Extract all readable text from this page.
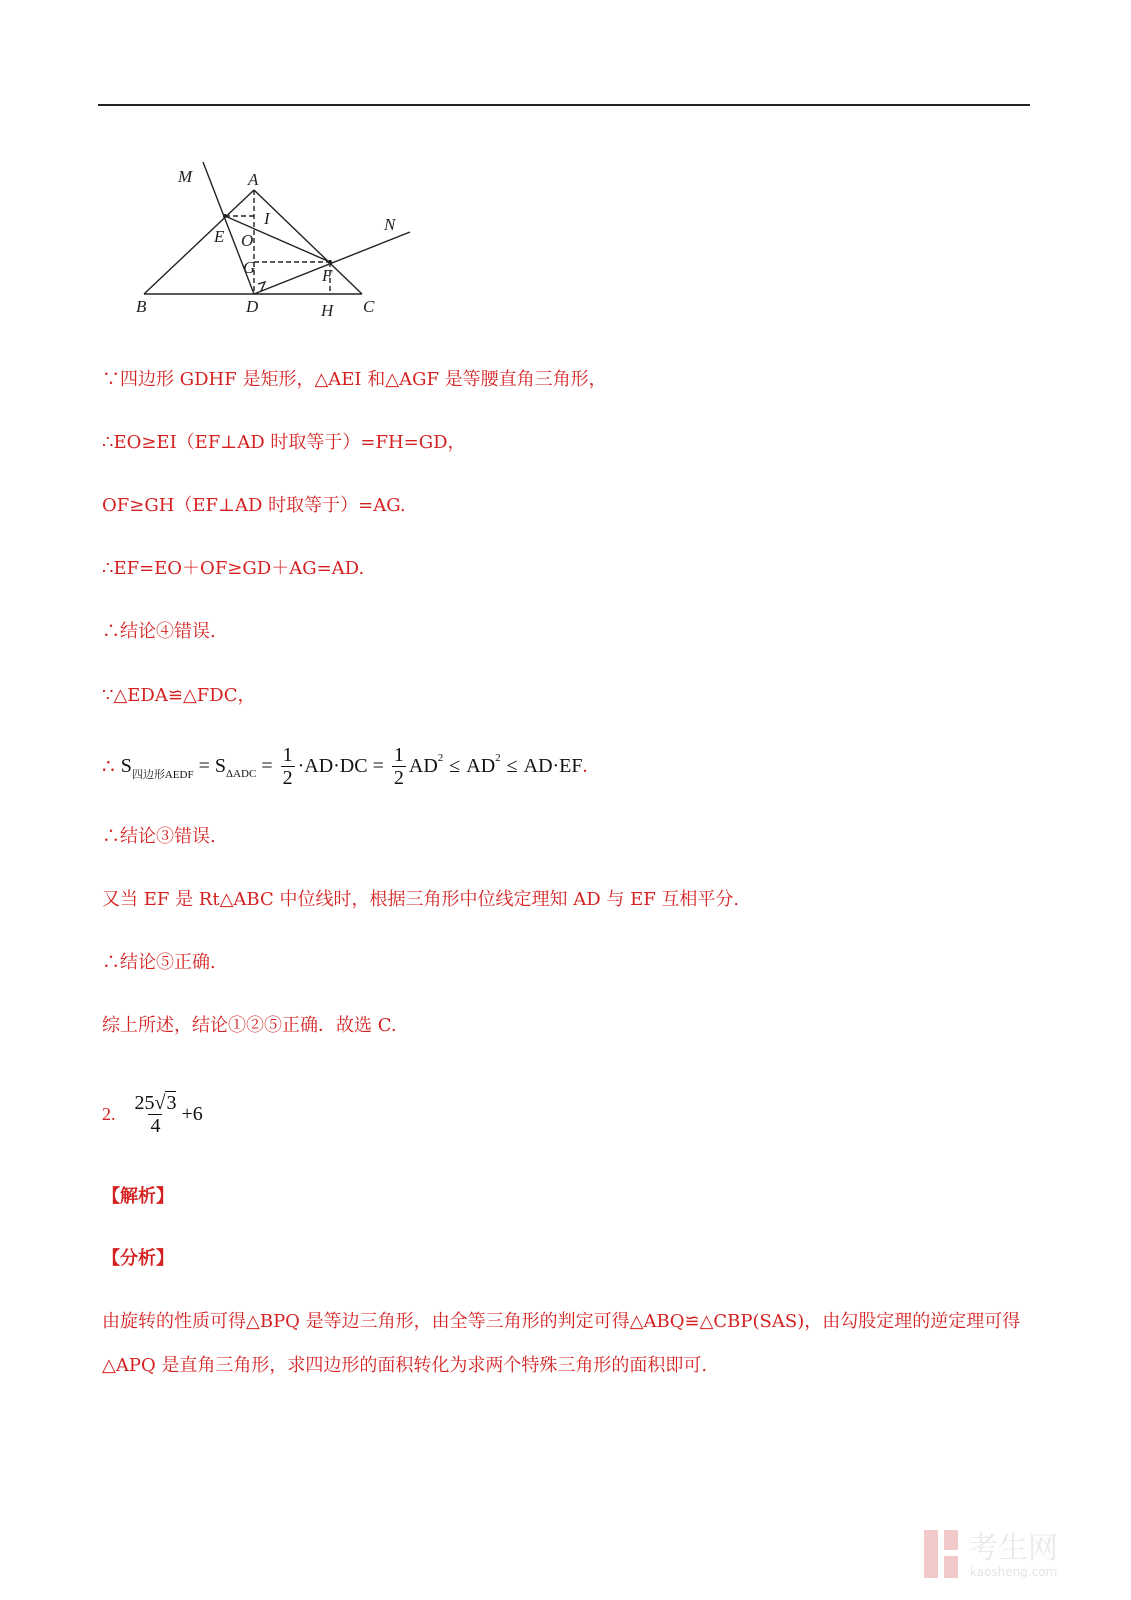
M	A
I
E O
N
G	F
B	D	H C
∵四边形 GDHF 是矩形，△AEI 和△AGF 是等腰直角三角形，
∴EO≥EI（EF⊥AD 时取等于）=FH=GD，
OF≥GH（EF⊥AD 时取等于）=AG.
∴EF=EO＋OF≥GD＋AG=AD.
∴结论④错误.
∵△EDA≌△FDC，
∴ S 四边形AEDF = S $\Delta ADC = \frac{1}{2} \cdot AD\cdot DC = \frac{1}{2}$ AD 2 ≤ AD 2 ≤ AD·EF .
∴结论③错误.
又当 EF 是 Rt△ABC 中位线时，根据三角形中位线定理知 AD 与 EF 互相平分.
∴结论⑤正确.
综上所述，结论①②⑤正确．故选 C.
2. $\frac{25√3}{4} +6$
【解析】
【分析】
由旋转的性质可得△BPQ 是等边三角形，由全等三角形的判定可得△ABQ≌△CBP(SAS)，由勾股定理的逆定理可得△APQ 是直角三角形，求四边形的面积转化为求两个特殊三角形的面积即可.
考生网
kaosheng.com
